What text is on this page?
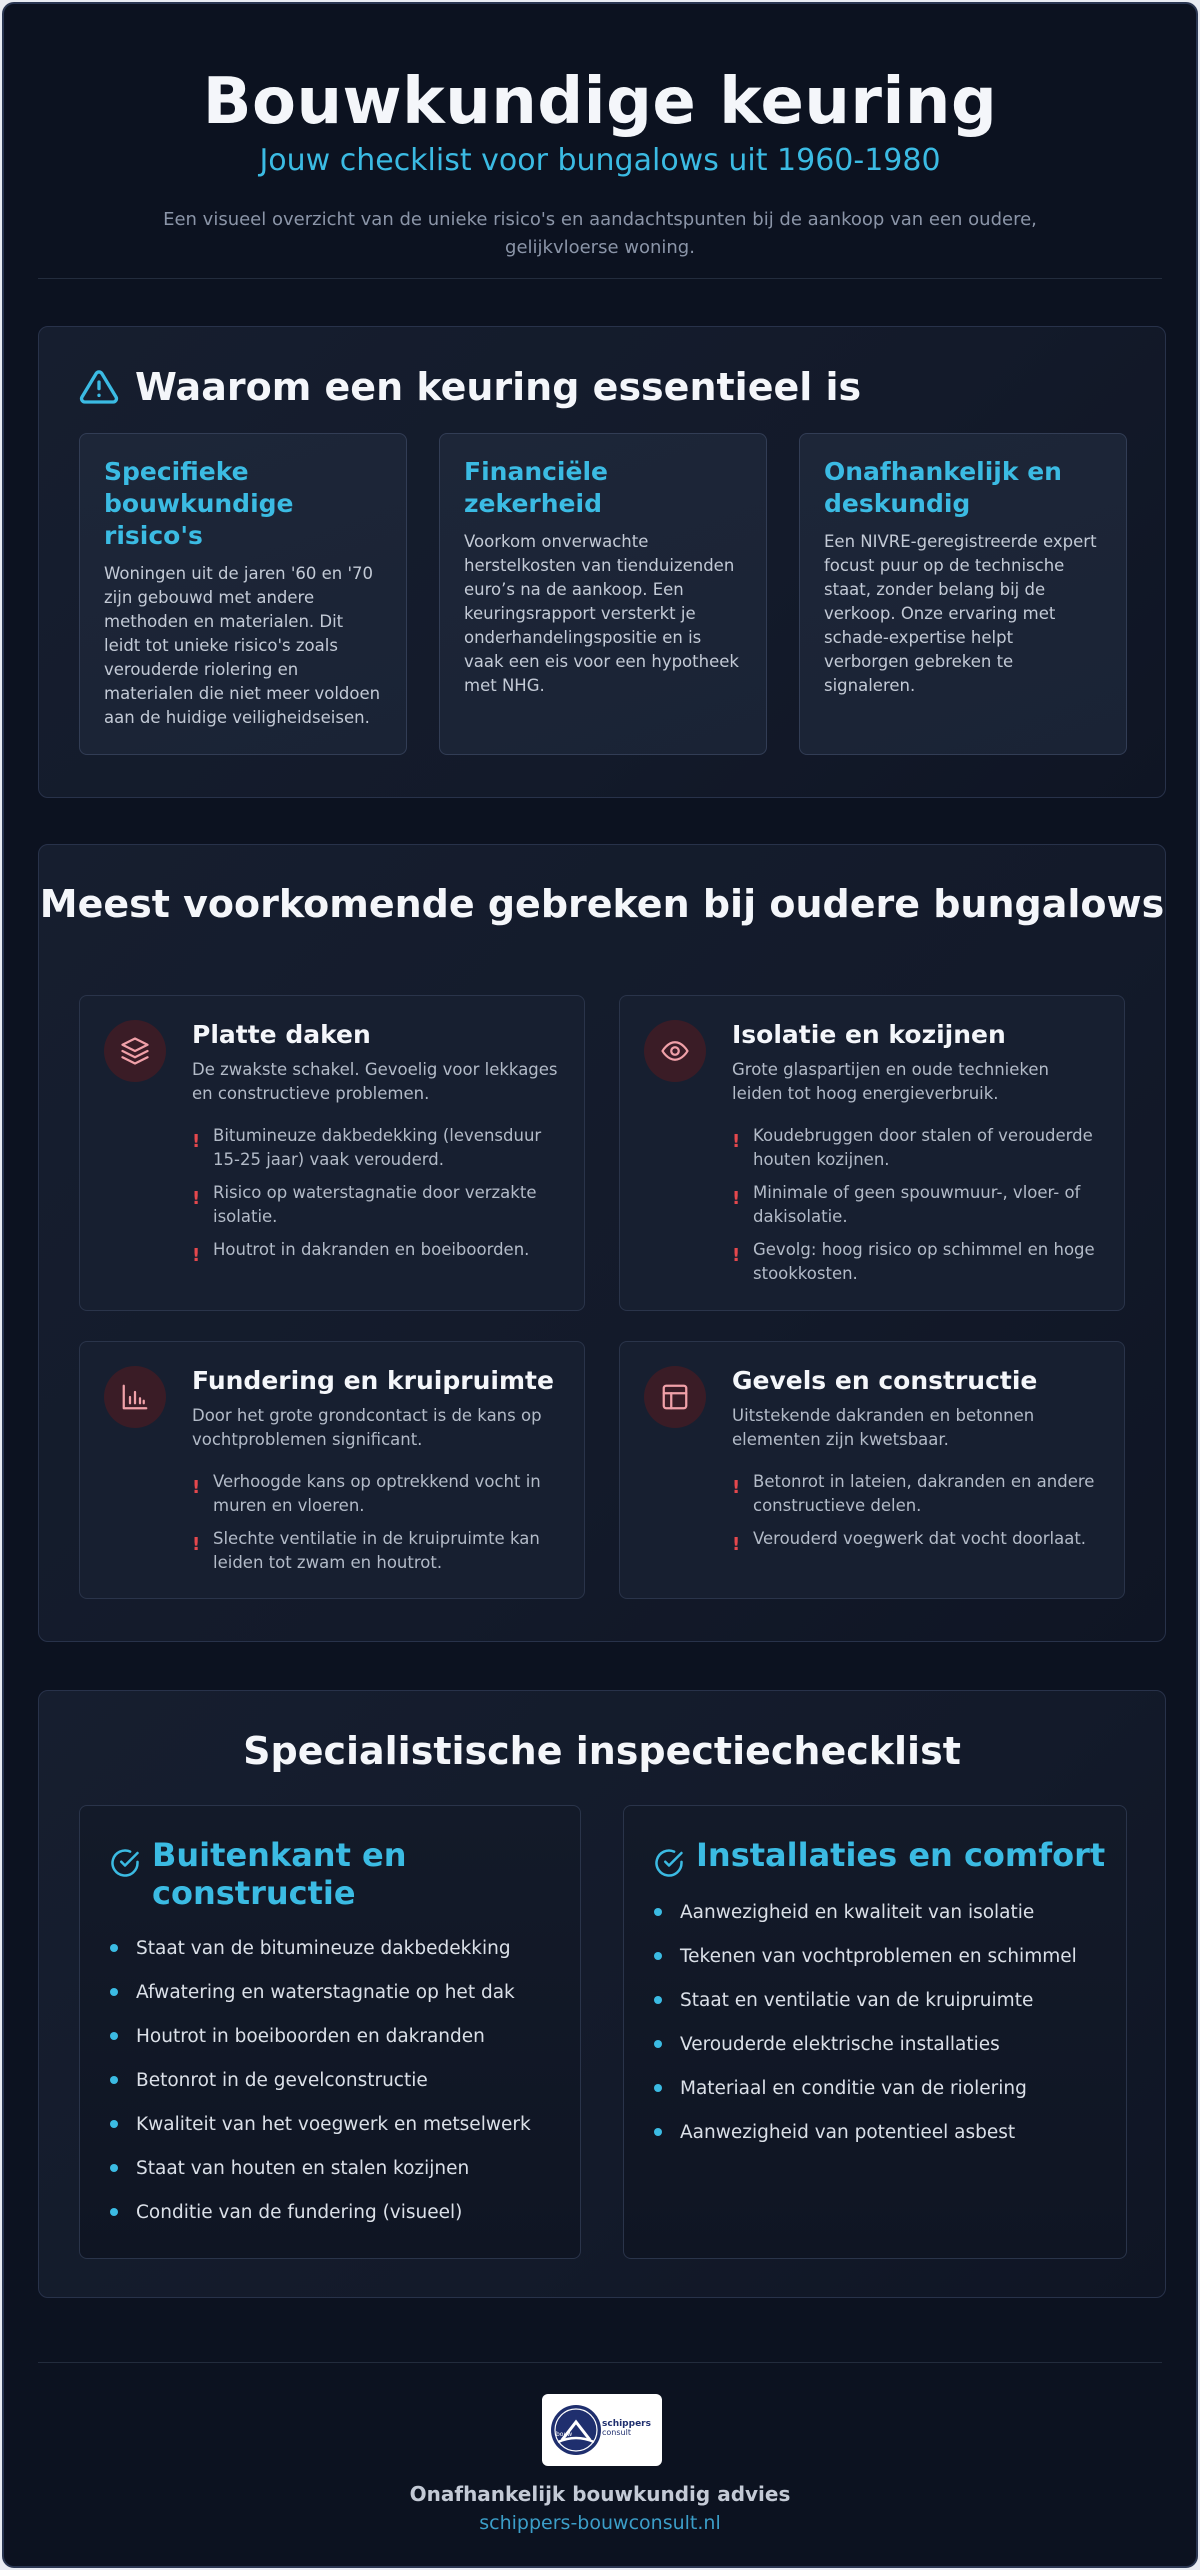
Bouwkundige keuring
Jouw checklist voor bungalows uit 1960-1980

Een visueel overzicht van de unieke risico's en aandachtspunten bij de aankoop van een oudere, gelijkvloerse woning.

Waarom een keuring essentieel is
Specifieke bouwkundige risico's

Woningen uit de jaren '60 en '70 zijn gebouwd met andere methoden en materialen. Dit leidt tot unieke risico's zoals verouderde riolering en materialen die niet meer voldoen aan de huidige veiligheidseisen.

Financiële zekerheid

Voorkom onverwachte herstelkosten van tienduizenden euro’s na de aankoop. Een keuringsrapport versterkt je onderhandelingspositie en is vaak een eis voor een hypotheek met NHG.

Onafhankelijk en deskundig

Een NIVRE-geregistreerde expert focust puur op de technische staat, zonder belang bij de verkoop. Onze ervaring met schade-expertise helpt verborgen gebreken te signaleren.

Meest voorkomende gebreken bij oudere bungalows
Platte daken

De zwakste schakel. Gevoelig voor lekkages en constructieve problemen.

! Bitumineuze dakbedekking (levensduur 15-25 jaar) vaak verouderd.
! Risico op waterstagnatie door verzakte isolatie.
! Houtrot in dakranden en boeiboorden.
Isolatie en kozijnen

Grote glaspartijen en oude technieken leiden tot hoog energieverbruik.

! Koudebruggen door stalen of verouderde houten kozijnen.
! Minimale of geen spouwmuur-, vloer- of dakisolatie.
! Gevolg: hoog risico op schimmel en hoge stookkosten.
Fundering en kruipruimte

Door het grote grondcontact is de kans op vochtproblemen significant.

! Verhoogde kans op optrekkend vocht in muren en vloeren.
! Slechte ventilatie in de kruipruimte kan leiden tot zwam en houtrot.
Gevels en constructie

Uitstekende dakranden en betonnen elementen zijn kwetsbaar.

! Betonrot in lateien, dakranden en andere constructieve delen.
! Verouderd voegwerk dat vocht doorlaat.
Specialistische inspectiechecklist
Buitenkant en constructie
Staat van de bitumineuze dakbedekking
Afwatering en waterstagnatie op het dak
Houtrot in boeiboorden en dakranden
Betonrot in de gevelconstructie
Kwaliteit van het voegwerk en metselwerk
Staat van houten en stalen kozijnen
Conditie van de fundering (visueel)
Installaties en comfort
Aanwezigheid en kwaliteit van isolatie
Tekenen van vochtproblemen en schimmel
Staat en ventilatie van de kruipruimte
Verouderde elektrische installaties
Materiaal en conditie van de riolering
Aanwezigheid van potentieel asbest
schippers
bouw	consult
Onafhankelijk bouwkundig advies
schippers-bouwconsult.nl
